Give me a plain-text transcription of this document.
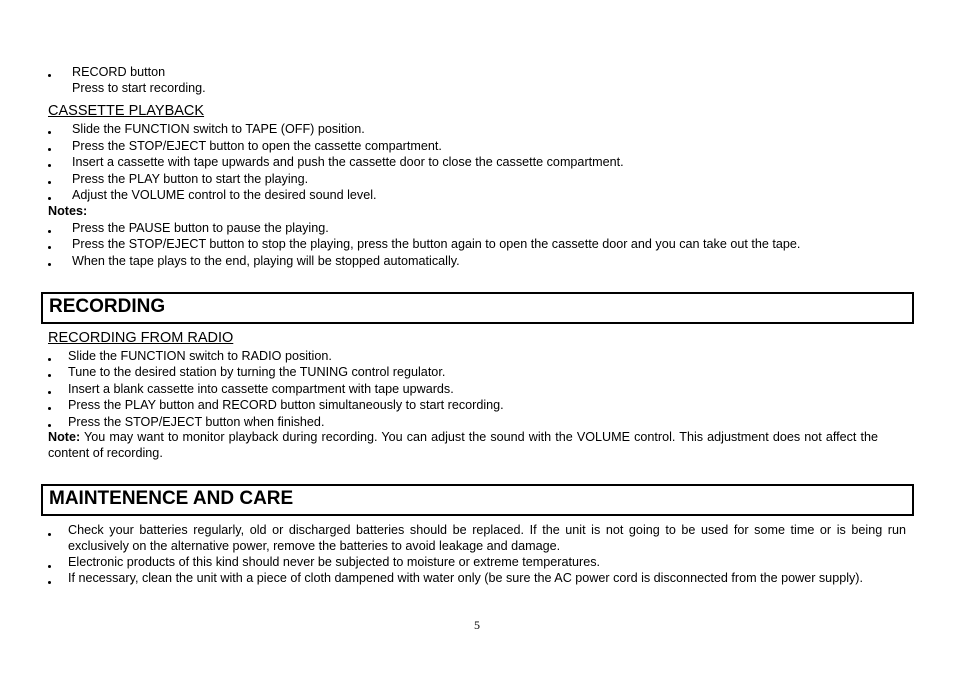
RECORD button
Press to start recording.
CASSETTE PLAYBACK
Slide the FUNCTION switch to TAPE (OFF) position.
Press the STOP/EJECT button to open the cassette compartment.
Insert a cassette with tape upwards and push the cassette door to close the cassette compartment.
Press the PLAY button to start the playing.
Adjust the VOLUME control to the desired sound level.
Notes:
Press the PAUSE button to pause the playing.
Press the STOP/EJECT button to stop the playing, press the button again to open the cassette door and you can take out the tape.
When the tape plays to the end, playing will be stopped automatically.
RECORDING
RECORDING FROM RADIO
Slide the FUNCTION switch to RADIO position.
Tune to the desired station by turning the TUNING control regulator.
Insert a blank cassette into cassette compartment with tape upwards.
Press the PLAY button and RECORD button simultaneously to start recording.
Press the STOP/EJECT button when finished.
Note: You may want to monitor playback during recording. You can adjust the sound with the VOLUME control. This adjustment does not affect the content of recording.
MAINTENENCE AND CARE
Check your batteries regularly, old or discharged batteries should be replaced. If the unit is not going to be used for some time or is being run exclusively on the alternative power, remove the batteries to avoid leakage and damage.
Electronic products of this kind should never be subjected to moisture or extreme temperatures.
If necessary, clean the unit with a piece of cloth dampened with water only (be sure the AC power cord is disconnected from the power supply).
5
